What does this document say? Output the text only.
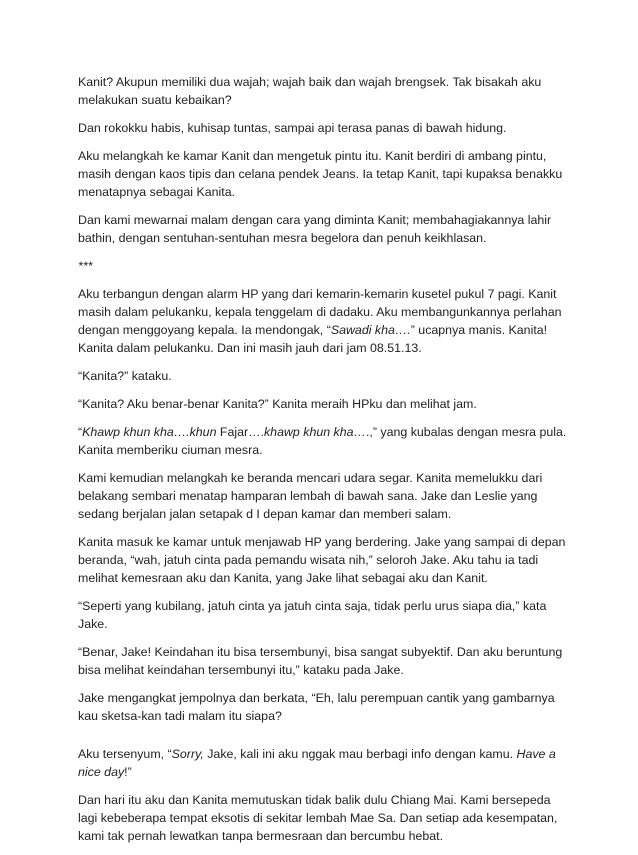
Kanit? Akupun memiliki dua wajah; wajah baik dan wajah brengsek. Tak bisakah aku melakukan suatu kebaikan?

Dan rokokku habis, kuhisap tuntas, sampai api terasa panas di bawah hidung.

Aku melangkah ke kamar Kanit dan mengetuk pintu itu. Kanit berdiri di ambang pintu, masih dengan kaos tipis dan celana pendek Jeans. Ia tetap Kanit, tapi kupaksa benakku menatapnya sebagai Kanita.

Dan kami mewarnai malam dengan cara yang diminta Kanit; membahagiakannya lahir bathin, dengan sentuhan-sentuhan mesra begelora dan penuh keikhlasan.

***

Aku terbangun dengan alarm HP yang dari kemarin-kemarin kusetel pukul 7 pagi. Kanit masih dalam pelukanku, kepala tenggelam di dadaku. Aku membangunkannya perlahan dengan menggoyang kepala. Ia mendongak, “Sawadi kha….” ucapnya manis. Kanita! Kanita dalam pelukanku. Dan ini masih jauh dari jam 08.51.13.

“Kanita?” kataku.

“Kanita? Aku benar-benar Kanita?” Kanita meraih HPku dan melihat jam.

“Khawp khun kha….khun Fajar….khawp khun kha….,” yang kubalas dengan mesra pula. Kanita memberiku ciuman mesra.

Kami kemudian melangkah ke beranda mencari udara segar. Kanita memelukku dari belakang sembari menatap hamparan lembah di bawah sana. Jake dan Leslie yang sedang berjalan jalan setapak d I depan kamar dan memberi salam.

Kanita masuk ke kamar untuk menjawab HP yang berdering. Jake yang sampai di depan beranda, “wah, jatuh cinta pada pemandu wisata nih,” seloroh Jake. Aku tahu ia tadi melihat kemesraan aku dan Kanita, yang Jake lihat sebagai aku dan Kanit.

“Seperti yang kubilang, jatuh cinta ya jatuh cinta saja, tidak perlu urus siapa dia,” kata Jake.

“Benar, Jake! Keindahan itu bisa tersembunyi, bisa sangat subyektif. Dan aku beruntung bisa melihat keindahan tersembunyi itu,” kataku pada Jake.

Jake mengangkat jempolnya dan berkata, “Eh, lalu perempuan cantik yang gambarnya kau sketsa-kan tadi malam itu siapa?

Aku tersenyum, “Sorry, Jake, kali ini aku nggak mau berbagi info dengan kamu. Have a nice day!”

Dan hari itu aku dan Kanita memutuskan tidak balik dulu Chiang Mai. Kami bersepeda lagi kebeberapa tempat eksotis di sekitar lembah Mae Sa. Dan setiap ada kesempatan, kami tak pernah lewatkan tanpa bermesraan dan bercumbu hebat.
